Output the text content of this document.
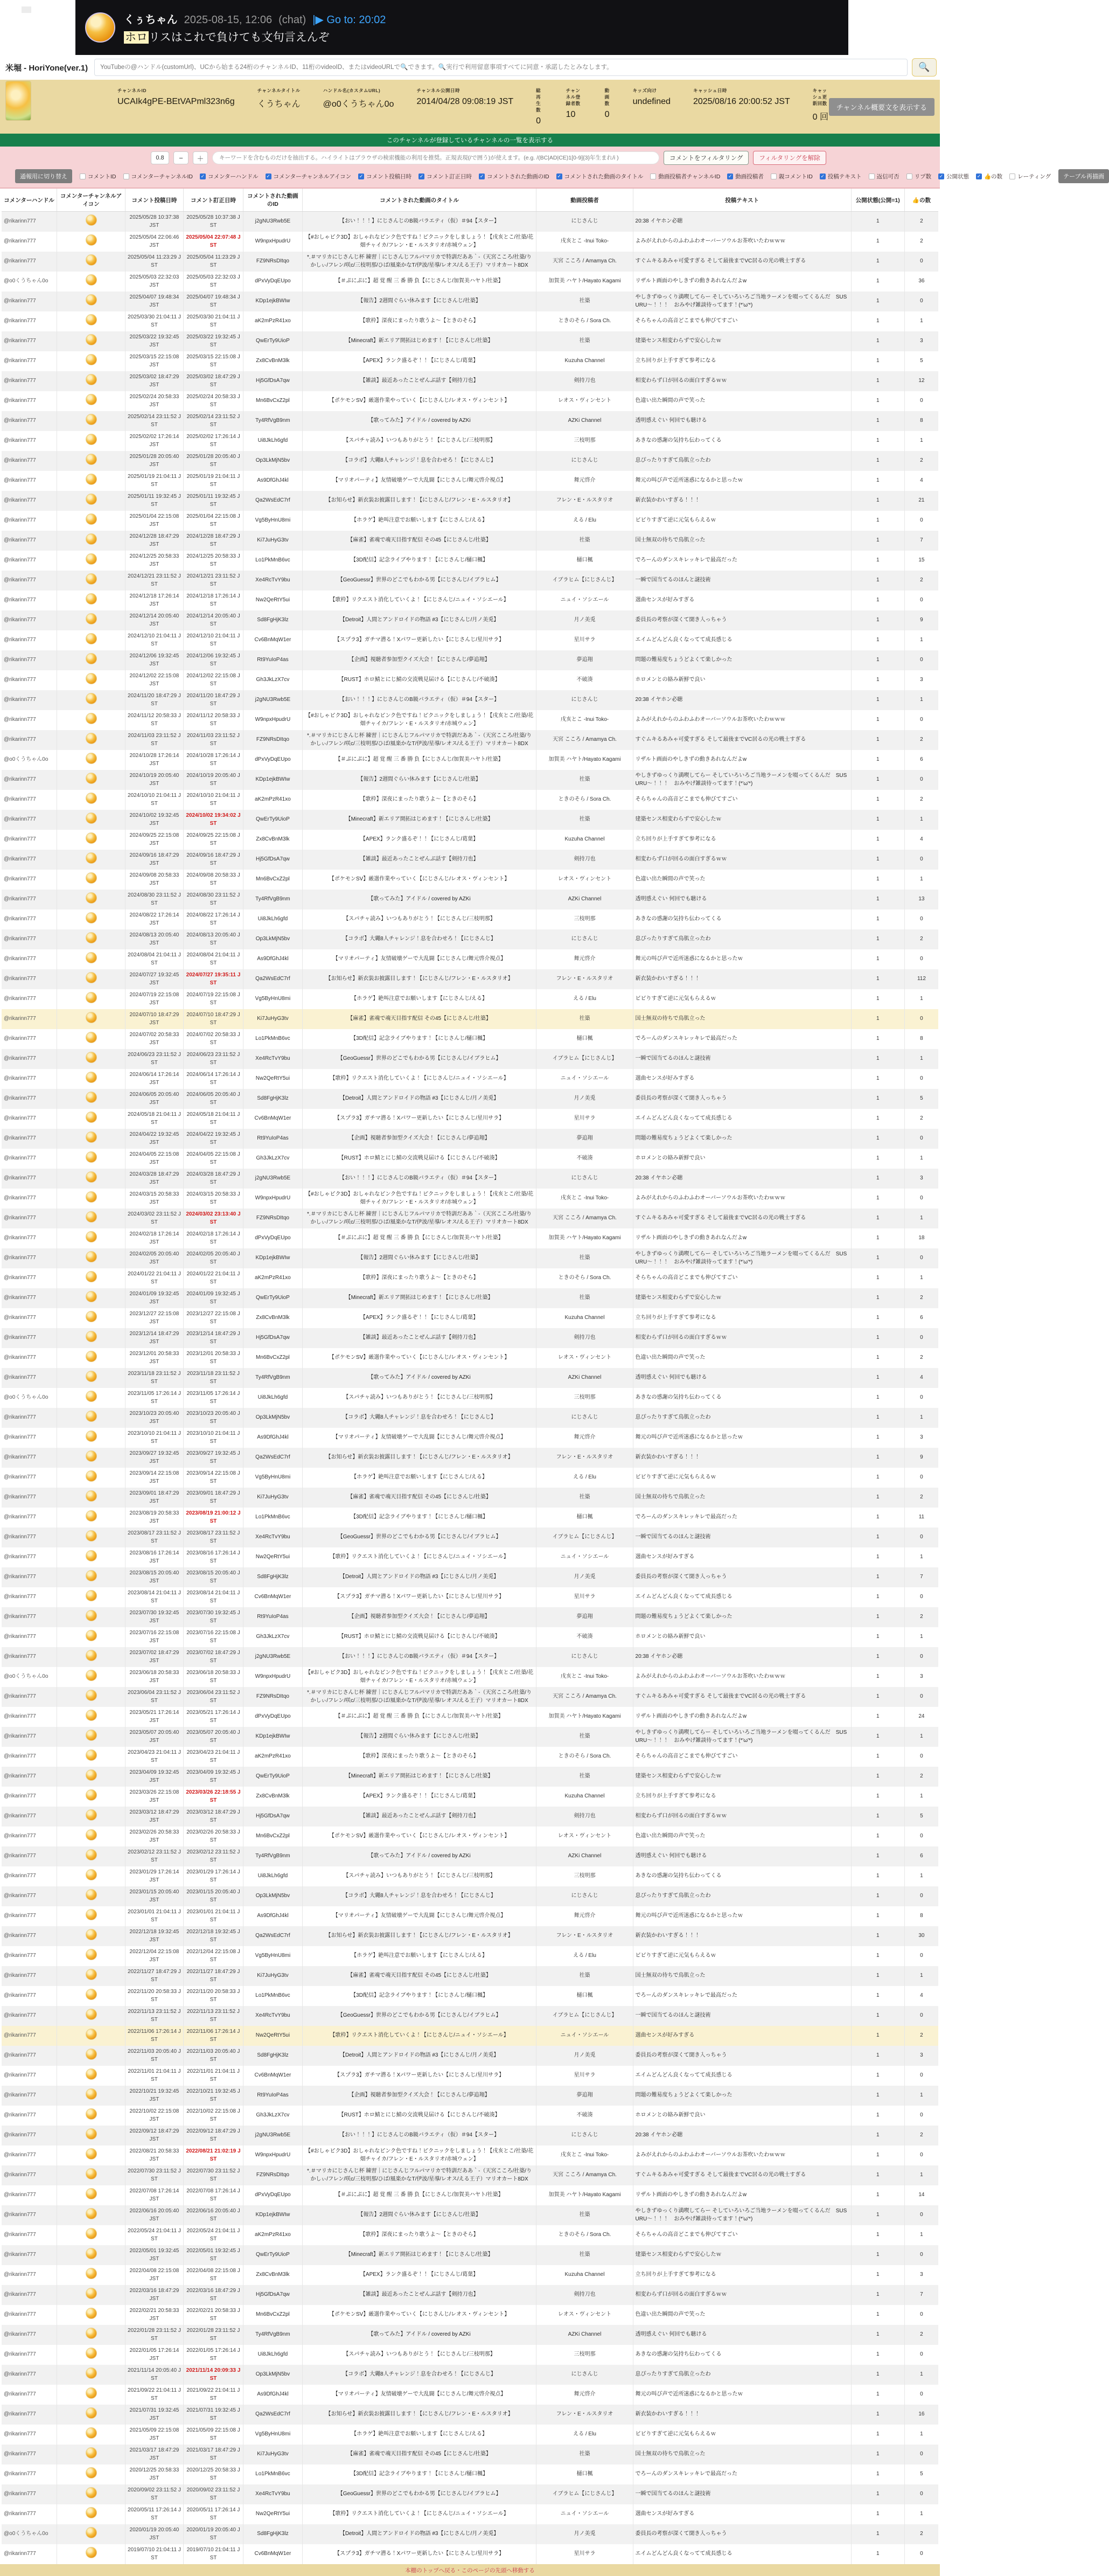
くぅちゃん 2025-08-15, 12:06 (chat) |▶ Go to: 20:02
ホロリスはこれで負けても文句言えんぞ
米堀 - HoriYone(ver.1)
YouTubeの@ハンドル(customUrl)、UCから始まる24桁のチャンネルID、11桁のvideoID、またはvideoURLで🔍できます。🔍実行で利用留意事項すべてに同意・承諾したとみなします。	🔍
チャンネルID
UCAIk4gPE-BEtVAPml323n6g
チャンネルタイトル
くうちゃん
ハンドル名(カスタムURL)
@o0くうちゃん0o
チャンネル公開日時
2014/04/28 09:08:19 JST
総再生数
0
チャンネル登録者数
10
動画数
0
キッズ向け
undefined
キャッシュ日時
2025/08/16 20:00:52 JST
キャッシュ更新回数
0 回
チャンネル概要文を表示する
このチャンネルが登録しているチャンネルの一覧を表示する
0.8
−	＋
キーワードを含むものだけを抽出する。ハイライトはブラウザの検索機能の利用を推奨。正規表現(/で囲う)が使えます。(e.g. /(BC|AD|CE)1[0-9]{3}年生まれ/i )	コメントをフィルタリング	フィルタリングを解除
通報用に切り替え	コメントID	コメンターチャンネルID ✓ コメンターハンドル ✓ コメンターチャンネルアイコン ✓ コメント投稿日時 ✓ コメント訂正日時 ✓ コメントされた動画のID ✓ コメントされた動画のタイトル	動画投稿者チャンネルID ✓ 動画投稿者	親コメントID ✓ 投稿テキスト	返信可否	リプ数 ✓ 公開状態 ✓ 👍の数	レーティング	テーブル再描画
コメンターハンドル	コメンターチャンネルアイコン	コメント投稿日時	コメント訂正日時	コメントされた動画のID	コメントされた動画のタイトル	動画投稿者	投稿テキスト	公開状態(公開=1)	👍の数
@rikarinn777		2025/05/28 10:37:38 JST	2025/05/28 10:37:38 JST	j2gNU3Rwb5E	【おい！！！】にじさんじのB級バラエティ（仮）＃94【スター】	にじさんじ	20:38 イヤホン必聴	1	2
@rikarinn777		2025/05/04 22:06:46 JST	2025/05/04 22:07:48 JST	W9npxHpudrU	【#おしゃピク3D】おしゃれなピンク色ですね！ピクニックをしましょう！【戌亥とこ/社築/花畑チャイカ/フレン・E・ルスタリオ/赤城ウェン】	戌亥とこ -Inui Toko-	よみがえれからのふわふわオーバーソウルお茶吹いたわｗｗｗ	1	2
@rikarinn777		2025/05/04 11:23:29 JST	2025/05/04 11:23:29 JST	FZ9NRsDItqo	*.＃マリカにじさんじ杯 練習｜にじさんじフルパマリカで特訓だああ｀-（天宮こころ/社築/りかしぃ/フレン/咲c/三枝明那/ひば/風楽かなT/伊波/星導/レオス/える王子）マリオカート8DX	天宮 こころ / Amamya Ch.	すぐムキるあみゃ可愛すぎる そして最後までVC居るの光の戦士すぎる	1	0
@o0くうちゃん0o		2025/05/03 22:32:03 JST	2025/05/03 22:32:03 JST	dPxVyDqEUpo	【＃ぷにぷに】超 覚 醒 三 番 勝 負【にじさんじ/加賀美ハヤト/社築】	加賀美 ハヤト/Hayato Kagami	リザルト画面のやしきずの動きあれなんだよw	1	36
@rikarinn777		2025/04/07 19:48:34 JST	2025/04/07 19:48:34 JST	KDp1ejkBWIw	【報告】2週間ぐらい休みます【にじさんじ/社築】	社築	やしきずゆっくり満喫してらー そしていろいろご当地ラーメンを啜ってくるんだ　SUSURU～！！！　おみやげ雑談待ってます！(*'ω'*)	1	0
@rikarinn777		2025/03/30 21:04:11 JST	2025/03/30 21:04:11 JST	aK2mPzR41xo	【歌枠】深夜にまったり歌うよ～【ときのそら】	ときのそら / Sora Ch.	そらちゃんの高音どこまでも伸びてすごい	1	1
@rikarinn777		2025/03/22 19:32:45 JST	2025/03/22 19:32:45 JST	QwErTy9UioP	【Minecraft】新エリア開拓はじめます！【にじさんじ/社築】	社築	建築センス相変わらずで安心したｗ	1	3
@rikarinn777		2025/03/15 22:15:08 JST	2025/03/15 22:15:08 JST	Zx8CvBnM3lk	【APEX】ランク盛るぞ！！【にじさんじ/葛葉】	Kuzuha Channel	立ち回りが上手すぎて参考になる	1	5
@rikarinn777		2025/03/02 18:47:29 JST	2025/03/02 18:47:29 JST	Hj5GfDsA7qw	【雑談】最近あったことぜんぶ話す【剣持刀也】	剣持刀也	相変わらず口が回るの面白すぎるｗｗ	1	12
@rikarinn777		2025/02/24 20:58:33 JST	2025/02/24 20:58:33 JST	Mn6BvCxZ2pl	【ポケモンSV】厳選作業やっていく【にじさんじ/レオス・ヴィンセント】	レオス・ヴィンセント	色違い出た瞬間の声で笑った	1	0
@rikarinn777		2025/02/14 23:11:52 JST	2025/02/14 23:11:52 JST	Ty4RfVgB9nm	【歌ってみた】アイドル / covered by AZKi	AZKi Channel	透明感えぐい 何回でも聴ける	1	8
@rikarinn777		2025/02/02 17:26:14 JST	2025/02/02 17:26:14 JST	Ui8JkLh6gfd	【スパチャ読み】いつもありがとう！【にじさんじ/三枝明那】	三枝明那	あきなの感謝の気持ち伝わってくる	1	1
@rikarinn777		2025/01/28 20:05:40 JST	2025/01/28 20:05:40 JST	Op3LkMjN5bv	【コラボ】大繩8人チャレンジ！息を合わせろ！【にじさんじ】	にじさんじ	息ぴったりすぎて鳥肌立ったわ	1	2
@rikarinn777		2025/01/19 21:04:11 JST	2025/01/19 21:04:11 JST	As9DfGhJ4kl	【マリオパーティ】友情破壊ゲーで大乱闘【にじさんじ/舞元啓介視点】	舞元啓介	舞元の叫び声で近所迷惑になるかと思ったｗ	1	4
@rikarinn777		2025/01/11 19:32:45 JST	2025/01/11 19:32:45 JST	Qa2WsEdC7rf	【お知らせ】新衣装お披露目します！【にじさんじ/フレン・E・ルスタリオ】	フレン・E・ルスタリオ	新衣装かわいすぎる！！！	1	21
@rikarinn777		2025/01/04 22:15:08 JST	2025/01/04 22:15:08 JST	Vg5ByHnU8mi	【ホラゲ】絶叫注意でお願いします【にじさんじ/える】	える / Elu	ビビりすぎて逆に元気もらえるｗ	1	0
@rikarinn777		2024/12/28 18:47:29 JST	2024/12/28 18:47:29 JST	Ki7JuHyG3tv	【麻雀】雀魂で魂天目指す配信 その45【にじさんじ/社築】	社築	国士無双の待ちで鳥肌立った	1	7
@rikarinn777		2024/12/25 20:58:33 JST	2024/12/25 20:58:33 JST	Lo1PkMnB6vc	【3D配信】記念ライブやります！【にじさんじ/樋口楓】	樋口楓	でろーんのダンスキレッキレで最高だった	1	15
@rikarinn777		2024/12/21 23:11:52 JST	2024/12/21 23:11:52 JST	Xe4RcTvY9bu	【GeoGuessr】世界のどこでもわかる男【にじさんじ/イブラヒム】	イブラヒム【にじさんじ】	一瞬で国当てるのほんと謎技術	1	2
@rikarinn777		2024/12/18 17:26:14 JST	2024/12/18 17:26:14 JST	Nw2QeRtY5ui	【歌枠】リクエスト消化していくよ！【にじさんじ/ニュイ・ソシエール】	ニュイ・ソシエール	選曲センスが好みすぎる	1	0
@rikarinn777		2024/12/14 20:05:40 JST	2024/12/14 20:05:40 JST	Sd8FgHjK3lz	【Detroit】人間とアンドロイドの物語 #3【にじさんじ/月ノ美兎】	月ノ美兎	委員長の考察が深くて聞き入っちゃう	1	9
@rikarinn777		2024/12/10 21:04:11 JST	2024/12/10 21:04:11 JST	Cv6BnMqW1er	【スプラ3】ガチマ潜る！Xパワー更新したい【にじさんじ/星川サラ】	星川サラ	エイムどんどん良くなってて成長感じる	1	1
@rikarinn777		2024/12/06 19:32:45 JST	2024/12/06 19:32:45 JST	Rt9YuIoP4as	【企画】視聴者参加型クイズ大会！【にじさんじ/夢追翔】	夢追翔	問題の難易度ちょうどよくて楽しかった	1	0
@rikarinn777		2024/12/02 22:15:08 JST	2024/12/02 22:15:08 JST	Gh3JkLzX7cv	【RUST】ホロ鯖とにじ鯖の交流戦見届ける【にじさんじ/不破湊】	不破湊	ホロメンとの絡み新鮮で良い	1	3
@rikarinn777		2024/11/20 18:47:29 JST	2024/11/20 18:47:29 JST	j2gNU3Rwb5E	【おい！！！】にじさんじのB級バラエティ（仮）＃94【スター】	にじさんじ	20:38 イヤホン必聴	1	1
@rikarinn777		2024/11/12 20:58:33 JST	2024/11/12 20:58:33 JST	W9npxHpudrU	【#おしゃピク3D】おしゃれなピンク色ですね！ピクニックをしましょう！【戌亥とこ/社築/花畑チャイカ/フレン・E・ルスタリオ/赤城ウェン】	戌亥とこ -Inui Toko-	よみがえれからのふわふわオーバーソウルお茶吹いたわｗｗｗ	1	0
@rikarinn777		2024/11/03 23:11:52 JST	2024/11/03 23:11:52 JST	FZ9NRsDItqo	*.＃マリカにじさんじ杯 練習｜にじさんじフルパマリカで特訓だああ｀-（天宮こころ/社築/りかしぃ/フレン/咲c/三枝明那/ひば/風楽かなT/伊波/星導/レオス/える王子）マリオカート8DX	天宮 こころ / Amamya Ch.	すぐムキるあみゃ可愛すぎる そして最後までVC居るの光の戦士すぎる	1	2
@o0くうちゃん0o		2024/10/28 17:26:14 JST	2024/10/28 17:26:14 JST	dPxVyDqEUpo	【＃ぷにぷに】超 覚 醒 三 番 勝 負【にじさんじ/加賀美ハヤト/社築】	加賀美 ハヤト/Hayato Kagami	リザルト画面のやしきずの動きあれなんだよw	1	6
@rikarinn777		2024/10/19 20:05:40 JST	2024/10/19 20:05:40 JST	KDp1ejkBWIw	【報告】2週間ぐらい休みます【にじさんじ/社築】	社築	やしきずゆっくり満喫してらー そしていろいろご当地ラーメンを啜ってくるんだ　SUSURU～！！！　おみやげ雑談待ってます！(*'ω'*)	1	0
@rikarinn777		2024/10/10 21:04:11 JST	2024/10/10 21:04:11 JST	aK2mPzR41xo	【歌枠】深夜にまったり歌うよ～【ときのそら】	ときのそら / Sora Ch.	そらちゃんの高音どこまでも伸びてすごい	1	2
@rikarinn777		2024/10/02 19:32:45 JST	2024/10/02 19:34:02 JST	QwErTy9UioP	【Minecraft】新エリア開拓はじめます！【にじさんじ/社築】	社築	建築センス相変わらずで安心したｗ	1	1
@rikarinn777		2024/09/25 22:15:08 JST	2024/09/25 22:15:08 JST	Zx8CvBnM3lk	【APEX】ランク盛るぞ！！【にじさんじ/葛葉】	Kuzuha Channel	立ち回りが上手すぎて参考になる	1	4
@rikarinn777		2024/09/16 18:47:29 JST	2024/09/16 18:47:29 JST	Hj5GfDsA7qw	【雑談】最近あったことぜんぶ話す【剣持刀也】	剣持刀也	相変わらず口が回るの面白すぎるｗｗ	1	0
@rikarinn777		2024/09/08 20:58:33 JST	2024/09/08 20:58:33 JST	Mn6BvCxZ2pl	【ポケモンSV】厳選作業やっていく【にじさんじ/レオス・ヴィンセント】	レオス・ヴィンセント	色違い出た瞬間の声で笑った	1	1
@rikarinn777		2024/08/30 23:11:52 JST	2024/08/30 23:11:52 JST	Ty4RfVgB9nm	【歌ってみた】アイドル / covered by AZKi	AZKi Channel	透明感えぐい 何回でも聴ける	1	13
@rikarinn777		2024/08/22 17:26:14 JST	2024/08/22 17:26:14 JST	Ui8JkLh6gfd	【スパチャ読み】いつもありがとう！【にじさんじ/三枝明那】	三枝明那	あきなの感謝の気持ち伝わってくる	1	0
@rikarinn777		2024/08/13 20:05:40 JST	2024/08/13 20:05:40 JST	Op3LkMjN5bv	【コラボ】大繩8人チャレンジ！息を合わせろ！【にじさんじ】	にじさんじ	息ぴったりすぎて鳥肌立ったわ	1	2
@rikarinn777		2024/08/04 21:04:11 JST	2024/08/04 21:04:11 JST	As9DfGhJ4kl	【マリオパーティ】友情破壊ゲーで大乱闘【にじさんじ/舞元啓介視点】	舞元啓介	舞元の叫び声で近所迷惑になるかと思ったｗ	1	0
@rikarinn777		2024/07/27 19:32:45 JST	2024/07/27 19:35:11 JST	Qa2WsEdC7rf	【お知らせ】新衣装お披露目します！【にじさんじ/フレン・E・ルスタリオ】	フレン・E・ルスタリオ	新衣装かわいすぎる！！！	1	112
@rikarinn777		2024/07/19 22:15:08 JST	2024/07/19 22:15:08 JST	Vg5ByHnU8mi	【ホラゲ】絶叫注意でお願いします【にじさんじ/える】	える / Elu	ビビりすぎて逆に元気もらえるｗ	1	1
@rikarinn777		2024/07/10 18:47:29 JST	2024/07/10 18:47:29 JST	Ki7JuHyG3tv	【麻雀】雀魂で魂天目指す配信 その45【にじさんじ/社築】	社築	国士無双の待ちで鳥肌立った	1	0
@rikarinn777		2024/07/02 20:58:33 JST	2024/07/02 20:58:33 JST	Lo1PkMnB6vc	【3D配信】記念ライブやります！【にじさんじ/樋口楓】	樋口楓	でろーんのダンスキレッキレで最高だった	1	8
@rikarinn777		2024/06/23 23:11:52 JST	2024/06/23 23:11:52 JST	Xe4RcTvY9bu	【GeoGuessr】世界のどこでもわかる男【にじさんじ/イブラヒム】	イブラヒム【にじさんじ】	一瞬で国当てるのほんと謎技術	1	1
@rikarinn777		2024/06/14 17:26:14 JST	2024/06/14 17:26:14 JST	Nw2QeRtY5ui	【歌枠】リクエスト消化していくよ！【にじさんじ/ニュイ・ソシエール】	ニュイ・ソシエール	選曲センスが好みすぎる	1	0
@rikarinn777		2024/06/05 20:05:40 JST	2024/06/05 20:05:40 JST	Sd8FgHjK3lz	【Detroit】人間とアンドロイドの物語 #3【にじさんじ/月ノ美兎】	月ノ美兎	委員長の考察が深くて聞き入っちゃう	1	5
@rikarinn777		2024/05/18 21:04:11 JST	2024/05/18 21:04:11 JST	Cv6BnMqW1er	【スプラ3】ガチマ潜る！Xパワー更新したい【にじさんじ/星川サラ】	星川サラ	エイムどんどん良くなってて成長感じる	1	2
@rikarinn777		2024/04/22 19:32:45 JST	2024/04/22 19:32:45 JST	Rt9YuIoP4as	【企画】視聴者参加型クイズ大会！【にじさんじ/夢追翔】	夢追翔	問題の難易度ちょうどよくて楽しかった	1	0
@rikarinn777		2024/04/05 22:15:08 JST	2024/04/05 22:15:08 JST	Gh3JkLzX7cv	【RUST】ホロ鯖とにじ鯖の交流戦見届ける【にじさんじ/不破湊】	不破湊	ホロメンとの絡み新鮮で良い	1	1
@rikarinn777		2024/03/28 18:47:29 JST	2024/03/28 18:47:29 JST	j2gNU3Rwb5E	【おい！！！】にじさんじのB級バラエティ（仮）＃94【スター】	にじさんじ	20:38 イヤホン必聴	1	3
@rikarinn777		2024/03/15 20:58:33 JST	2024/03/15 20:58:33 JST	W9npxHpudrU	【#おしゃピク3D】おしゃれなピンク色ですね！ピクニックをしましょう！【戌亥とこ/社築/花畑チャイカ/フレン・E・ルスタリオ/赤城ウェン】	戌亥とこ -Inui Toko-	よみがえれからのふわふわオーバーソウルお茶吹いたわｗｗｗ	1	0
@rikarinn777		2024/03/02 23:11:52 JST	2024/03/02 23:13:40 JST	FZ9NRsDItqo	*.＃マリカにじさんじ杯 練習｜にじさんじフルパマリカで特訓だああ｀-（天宮こころ/社築/りかしぃ/フレン/咲c/三枝明那/ひば/風楽かなT/伊波/星導/レオス/える王子）マリオカート8DX	天宮 こころ / Amamya Ch.	すぐムキるあみゃ可愛すぎる そして最後までVC居るの光の戦士すぎる	1	1
@rikarinn777		2024/02/18 17:26:14 JST	2024/02/18 17:26:14 JST	dPxVyDqEUpo	【＃ぷにぷに】超 覚 醒 三 番 勝 負【にじさんじ/加賀美ハヤト/社築】	加賀美 ハヤト/Hayato Kagami	リザルト画面のやしきずの動きあれなんだよw	1	18
@rikarinn777		2024/02/05 20:05:40 JST	2024/02/05 20:05:40 JST	KDp1ejkBWIw	【報告】2週間ぐらい休みます【にじさんじ/社築】	社築	やしきずゆっくり満喫してらー そしていろいろご当地ラーメンを啜ってくるんだ　SUSURU～！！！　おみやげ雑談待ってます！(*'ω'*)	1	0
@rikarinn777		2024/01/22 21:04:11 JST	2024/01/22 21:04:11 JST	aK2mPzR41xo	【歌枠】深夜にまったり歌うよ～【ときのそら】	ときのそら / Sora Ch.	そらちゃんの高音どこまでも伸びてすごい	1	1
@rikarinn777		2024/01/09 19:32:45 JST	2024/01/09 19:32:45 JST	QwErTy9UioP	【Minecraft】新エリア開拓はじめます！【にじさんじ/社築】	社築	建築センス相変わらずで安心したｗ	1	2
@rikarinn777		2023/12/27 22:15:08 JST	2023/12/27 22:15:08 JST	Zx8CvBnM3lk	【APEX】ランク盛るぞ！！【にじさんじ/葛葉】	Kuzuha Channel	立ち回りが上手すぎて参考になる	1	6
@rikarinn777		2023/12/14 18:47:29 JST	2023/12/14 18:47:29 JST	Hj5GfDsA7qw	【雑談】最近あったことぜんぶ話す【剣持刀也】	剣持刀也	相変わらず口が回るの面白すぎるｗｗ	1	0
@rikarinn777		2023/12/01 20:58:33 JST	2023/12/01 20:58:33 JST	Mn6BvCxZ2pl	【ポケモンSV】厳選作業やっていく【にじさんじ/レオス・ヴィンセント】	レオス・ヴィンセント	色違い出た瞬間の声で笑った	1	2
@rikarinn777		2023/11/18 23:11:52 JST	2023/11/18 23:11:52 JST	Ty4RfVgB9nm	【歌ってみた】アイドル / covered by AZKi	AZKi Channel	透明感えぐい 何回でも聴ける	1	4
@o0くうちゃん0o		2023/11/05 17:26:14 JST	2023/11/05 17:26:14 JST	Ui8JkLh6gfd	【スパチャ読み】いつもありがとう！【にじさんじ/三枝明那】	三枝明那	あきなの感謝の気持ち伝わってくる	1	0
@rikarinn777		2023/10/23 20:05:40 JST	2023/10/23 20:05:40 JST	Op3LkMjN5bv	【コラボ】大繩8人チャレンジ！息を合わせろ！【にじさんじ】	にじさんじ	息ぴったりすぎて鳥肌立ったわ	1	1
@rikarinn777		2023/10/10 21:04:11 JST	2023/10/10 21:04:11 JST	As9DfGhJ4kl	【マリオパーティ】友情破壊ゲーで大乱闘【にじさんじ/舞元啓介視点】	舞元啓介	舞元の叫び声で近所迷惑になるかと思ったｗ	1	3
@rikarinn777		2023/09/27 19:32:45 JST	2023/09/27 19:32:45 JST	Qa2WsEdC7rf	【お知らせ】新衣装お披露目します！【にじさんじ/フレン・E・ルスタリオ】	フレン・E・ルスタリオ	新衣装かわいすぎる！！！	1	9
@rikarinn777		2023/09/14 22:15:08 JST	2023/09/14 22:15:08 JST	Vg5ByHnU8mi	【ホラゲ】絶叫注意でお願いします【にじさんじ/える】	える / Elu	ビビりすぎて逆に元気もらえるｗ	1	0
@rikarinn777		2023/09/01 18:47:29 JST	2023/09/01 18:47:29 JST	Ki7JuHyG3tv	【麻雀】雀魂で魂天目指す配信 その45【にじさんじ/社築】	社築	国士無双の待ちで鳥肌立った	1	2
@rikarinn777		2023/08/19 20:58:33 JST	2023/08/19 21:00:12 JST	Lo1PkMnB6vc	【3D配信】記念ライブやります！【にじさんじ/樋口楓】	樋口楓	でろーんのダンスキレッキレで最高だった	1	11
@rikarinn777		2023/08/17 23:11:52 JST	2023/08/17 23:11:52 JST	Xe4RcTvY9bu	【GeoGuessr】世界のどこでもわかる男【にじさんじ/イブラヒム】	イブラヒム【にじさんじ】	一瞬で国当てるのほんと謎技術	1	0
@rikarinn777		2023/08/16 17:26:14 JST	2023/08/16 17:26:14 JST	Nw2QeRtY5ui	【歌枠】リクエスト消化していくよ！【にじさんじ/ニュイ・ソシエール】	ニュイ・ソシエール	選曲センスが好みすぎる	1	1
@rikarinn777		2023/08/15 20:05:40 JST	2023/08/15 20:05:40 JST	Sd8FgHjK3lz	【Detroit】人間とアンドロイドの物語 #3【にじさんじ/月ノ美兎】	月ノ美兎	委員長の考察が深くて聞き入っちゃう	1	7
@rikarinn777		2023/08/14 21:04:11 JST	2023/08/14 21:04:11 JST	Cv6BnMqW1er	【スプラ3】ガチマ潜る！Xパワー更新したい【にじさんじ/星川サラ】	星川サラ	エイムどんどん良くなってて成長感じる	1	0
@rikarinn777		2023/07/30 19:32:45 JST	2023/07/30 19:32:45 JST	Rt9YuIoP4as	【企画】視聴者参加型クイズ大会！【にじさんじ/夢追翔】	夢追翔	問題の難易度ちょうどよくて楽しかった	1	2
@rikarinn777		2023/07/16 22:15:08 JST	2023/07/16 22:15:08 JST	Gh3JkLzX7cv	【RUST】ホロ鯖とにじ鯖の交流戦見届ける【にじさんじ/不破湊】	不破湊	ホロメンとの絡み新鮮で良い	1	1
@rikarinn777		2023/07/02 18:47:29 JST	2023/07/02 18:47:29 JST	j2gNU3Rwb5E	【おい！！！】にじさんじのB級バラエティ（仮）＃94【スター】	にじさんじ	20:38 イヤホン必聴	1	0
@o0くうちゃん0o		2023/06/18 20:58:33 JST	2023/06/18 20:58:33 JST	W9npxHpudrU	【#おしゃピク3D】おしゃれなピンク色ですね！ピクニックをしましょう！【戌亥とこ/社築/花畑チャイカ/フレン・E・ルスタリオ/赤城ウェン】	戌亥とこ -Inui Toko-	よみがえれからのふわふわオーバーソウルお茶吹いたわｗｗｗ	1	3
@rikarinn777		2023/06/04 23:11:52 JST	2023/06/04 23:11:52 JST	FZ9NRsDItqo	*.＃マリカにじさんじ杯 練習｜にじさんじフルパマリカで特訓だああ｀-（天宮こころ/社築/りかしぃ/フレン/咲c/三枝明那/ひば/風楽かなT/伊波/星導/レオス/える王子）マリオカート8DX	天宮 こころ / Amamya Ch.	すぐムキるあみゃ可愛すぎる そして最後までVC居るの光の戦士すぎる	1	0
@rikarinn777		2023/05/21 17:26:14 JST	2023/05/21 17:26:14 JST	dPxVyDqEUpo	【＃ぷにぷに】超 覚 醒 三 番 勝 負【にじさんじ/加賀美ハヤト/社築】	加賀美 ハヤト/Hayato Kagami	リザルト画面のやしきずの動きあれなんだよw	1	24
@rikarinn777		2023/05/07 20:05:40 JST	2023/05/07 20:05:40 JST	KDp1ejkBWIw	【報告】2週間ぐらい休みます【にじさんじ/社築】	社築	やしきずゆっくり満喫してらー そしていろいろご当地ラーメンを啜ってくるんだ　SUSURU～！！！　おみやげ雑談待ってます！(*'ω'*)	1	1
@rikarinn777		2023/04/23 21:04:11 JST	2023/04/23 21:04:11 JST	aK2mPzR41xo	【歌枠】深夜にまったり歌うよ～【ときのそら】	ときのそら / Sora Ch.	そらちゃんの高音どこまでも伸びてすごい	1	0
@rikarinn777		2023/04/09 19:32:45 JST	2023/04/09 19:32:45 JST	QwErTy9UioP	【Minecraft】新エリア開拓はじめます！【にじさんじ/社築】	社築	建築センス相変わらずで安心したｗ	1	2
@rikarinn777		2023/03/26 22:15:08 JST	2023/03/26 22:18:55 JST	Zx8CvBnM3lk	【APEX】ランク盛るぞ！！【にじさんじ/葛葉】	Kuzuha Channel	立ち回りが上手すぎて参考になる	1	1
@rikarinn777		2023/03/12 18:47:29 JST	2023/03/12 18:47:29 JST	Hj5GfDsA7qw	【雑談】最近あったことぜんぶ話す【剣持刀也】	剣持刀也	相変わらず口が回るの面白すぎるｗｗ	1	5
@rikarinn777		2023/02/26 20:58:33 JST	2023/02/26 20:58:33 JST	Mn6BvCxZ2pl	【ポケモンSV】厳選作業やっていく【にじさんじ/レオス・ヴィンセント】	レオス・ヴィンセント	色違い出た瞬間の声で笑った	1	0
@rikarinn777		2023/02/12 23:11:52 JST	2023/02/12 23:11:52 JST	Ty4RfVgB9nm	【歌ってみた】アイドル / covered by AZKi	AZKi Channel	透明感えぐい 何回でも聴ける	1	6
@rikarinn777		2023/01/29 17:26:14 JST	2023/01/29 17:26:14 JST	Ui8JkLh6gfd	【スパチャ読み】いつもありがとう！【にじさんじ/三枝明那】	三枝明那	あきなの感謝の気持ち伝わってくる	1	1
@rikarinn777		2023/01/15 20:05:40 JST	2023/01/15 20:05:40 JST	Op3LkMjN5bv	【コラボ】大繩8人チャレンジ！息を合わせろ！【にじさんじ】	にじさんじ	息ぴったりすぎて鳥肌立ったわ	1	0
@rikarinn777		2023/01/01 21:04:11 JST	2023/01/01 21:04:11 JST	As9DfGhJ4kl	【マリオパーティ】友情破壊ゲーで大乱闘【にじさんじ/舞元啓介視点】	舞元啓介	舞元の叫び声で近所迷惑になるかと思ったｗ	1	8
@rikarinn777		2022/12/18 19:32:45 JST	2022/12/18 19:32:45 JST	Qa2WsEdC7rf	【お知らせ】新衣装お披露目します！【にじさんじ/フレン・E・ルスタリオ】	フレン・E・ルスタリオ	新衣装かわいすぎる！！！	1	30
@rikarinn777		2022/12/04 22:15:08 JST	2022/12/04 22:15:08 JST	Vg5ByHnU8mi	【ホラゲ】絶叫注意でお願いします【にじさんじ/える】	える / Elu	ビビりすぎて逆に元気もらえるｗ	1	0
@rikarinn777		2022/11/27 18:47:29 JST	2022/11/27 18:47:29 JST	Ki7JuHyG3tv	【麻雀】雀魂で魂天目指す配信 その45【にじさんじ/社築】	社築	国士無双の待ちで鳥肌立った	1	1
@rikarinn777		2022/11/20 20:58:33 JST	2022/11/20 20:58:33 JST	Lo1PkMnB6vc	【3D配信】記念ライブやります！【にじさんじ/樋口楓】	樋口楓	でろーんのダンスキレッキレで最高だった	1	4
@rikarinn777		2022/11/13 23:11:52 JST	2022/11/13 23:11:52 JST	Xe4RcTvY9bu	【GeoGuessr】世界のどこでもわかる男【にじさんじ/イブラヒム】	イブラヒム【にじさんじ】	一瞬で国当てるのほんと謎技術	1	0
@rikarinn777		2022/11/06 17:26:14 JST	2022/11/06 17:26:14 JST	Nw2QeRtY5ui	【歌枠】リクエスト消化していくよ！【にじさんじ/ニュイ・ソシエール】	ニュイ・ソシエール	選曲センスが好みすぎる	1	2
@rikarinn777		2022/11/03 20:05:40 JST	2022/11/03 20:05:40 JST	Sd8FgHjK3lz	【Detroit】人間とアンドロイドの物語 #3【にじさんじ/月ノ美兎】	月ノ美兎	委員長の考察が深くて聞き入っちゃう	1	3
@rikarinn777		2022/11/01 21:04:11 JST	2022/11/01 21:04:11 JST	Cv6BnMqW1er	【スプラ3】ガチマ潜る！Xパワー更新したい【にじさんじ/星川サラ】	星川サラ	エイムどんどん良くなってて成長感じる	1	0
@rikarinn777		2022/10/21 19:32:45 JST	2022/10/21 19:32:45 JST	Rt9YuIoP4as	【企画】視聴者参加型クイズ大会！【にじさんじ/夢追翔】	夢追翔	問題の難易度ちょうどよくて楽しかった	1	1
@rikarinn777		2022/10/02 22:15:08 JST	2022/10/02 22:15:08 JST	Gh3JkLzX7cv	【RUST】ホロ鯖とにじ鯖の交流戦見届ける【にじさんじ/不破湊】	不破湊	ホロメンとの絡み新鮮で良い	1	0
@rikarinn777		2022/09/12 18:47:29 JST	2022/09/12 18:47:29 JST	j2gNU3Rwb5E	【おい！！！】にじさんじのB級バラエティ（仮）＃94【スター】	にじさんじ	20:38 イヤホン必聴	1	2
@rikarinn777		2022/08/21 20:58:33 JST	2022/08/21 21:02:19 JST	W9npxHpudrU	【#おしゃピク3D】おしゃれなピンク色ですね！ピクニックをしましょう！【戌亥とこ/社築/花畑チャイカ/フレン・E・ルスタリオ/赤城ウェン】	戌亥とこ -Inui Toko-	よみがえれからのふわふわオーバーソウルお茶吹いたわｗｗｗ	1	0
@rikarinn777		2022/07/30 23:11:52 JST	2022/07/30 23:11:52 JST	FZ9NRsDItqo	*.＃マリカにじさんじ杯 練習｜にじさんじフルパマリカで特訓だああ｀-（天宮こころ/社築/りかしぃ/フレン/咲c/三枝明那/ひば/風楽かなT/伊波/星導/レオス/える王子）マリオカート8DX	天宮 こころ / Amamya Ch.	すぐムキるあみゃ可愛すぎる そして最後までVC居るの光の戦士すぎる	1	1
@rikarinn777		2022/07/08 17:26:14 JST	2022/07/08 17:26:14 JST	dPxVyDqEUpo	【＃ぷにぷに】超 覚 醒 三 番 勝 負【にじさんじ/加賀美ハヤト/社築】	加賀美 ハヤト/Hayato Kagami	リザルト画面のやしきずの動きあれなんだよw	1	14
@rikarinn777		2022/06/16 20:05:40 JST	2022/06/16 20:05:40 JST	KDp1ejkBWIw	【報告】2週間ぐらい休みます【にじさんじ/社築】	社築	やしきずゆっくり満喫してらー そしていろいろご当地ラーメンを啜ってくるんだ　SUSURU～！！！　おみやげ雑談待ってます！(*'ω'*)	1	0
@rikarinn777		2022/05/24 21:04:11 JST	2022/05/24 21:04:11 JST	aK2mPzR41xo	【歌枠】深夜にまったり歌うよ～【ときのそら】	ときのそら / Sora Ch.	そらちゃんの高音どこまでも伸びてすごい	1	1
@rikarinn777		2022/05/01 19:32:45 JST	2022/05/01 19:32:45 JST	QwErTy9UioP	【Minecraft】新エリア開拓はじめます！【にじさんじ/社築】	社築	建築センス相変わらずで安心したｗ	1	0
@rikarinn777		2022/04/08 22:15:08 JST	2022/04/08 22:15:08 JST	Zx8CvBnM3lk	【APEX】ランク盛るぞ！！【にじさんじ/葛葉】	Kuzuha Channel	立ち回りが上手すぎて参考になる	1	3
@rikarinn777		2022/03/16 18:47:29 JST	2022/03/16 18:47:29 JST	Hj5GfDsA7qw	【雑談】最近あったことぜんぶ話す【剣持刀也】	剣持刀也	相変わらず口が回るの面白すぎるｗｗ	1	7
@rikarinn777		2022/02/21 20:58:33 JST	2022/02/21 20:58:33 JST	Mn6BvCxZ2pl	【ポケモンSV】厳選作業やっていく【にじさんじ/レオス・ヴィンセント】	レオス・ヴィンセント	色違い出た瞬間の声で笑った	1	0
@rikarinn777		2022/01/28 23:11:52 JST	2022/01/28 23:11:52 JST	Ty4RfVgB9nm	【歌ってみた】アイドル / covered by AZKi	AZKi Channel	透明感えぐい 何回でも聴ける	1	2
@rikarinn777		2022/01/05 17:26:14 JST	2022/01/05 17:26:14 JST	Ui8JkLh6gfd	【スパチャ読み】いつもありがとう！【にじさんじ/三枝明那】	三枝明那	あきなの感謝の気持ち伝わってくる	1	0
@rikarinn777		2021/11/14 20:05:40 JST	2021/11/14 20:09:33 JST	Op3LkMjN5bv	【コラボ】大繩8人チャレンジ！息を合わせろ！【にじさんじ】	にじさんじ	息ぴったりすぎて鳥肌立ったわ	1	1
@rikarinn777		2021/09/22 21:04:11 JST	2021/09/22 21:04:11 JST	As9DfGhJ4kl	【マリオパーティ】友情破壊ゲーで大乱闘【にじさんじ/舞元啓介視点】	舞元啓介	舞元の叫び声で近所迷惑になるかと思ったｗ	1	0
@rikarinn777		2021/07/31 19:32:45 JST	2021/07/31 19:32:45 JST	Qa2WsEdC7rf	【お知らせ】新衣装お披露目します！【にじさんじ/フレン・E・ルスタリオ】	フレン・E・ルスタリオ	新衣装かわいすぎる！！！	1	16
@rikarinn777		2021/05/09 22:15:08 JST	2021/05/09 22:15:08 JST	Vg5ByHnU8mi	【ホラゲ】絶叫注意でお願いします【にじさんじ/える】	える / Elu	ビビりすぎて逆に元気もらえるｗ	1	1
@rikarinn777		2021/03/17 18:47:29 JST	2021/03/17 18:47:29 JST	Ki7JuHyG3tv	【麻雀】雀魂で魂天目指す配信 その45【にじさんじ/社築】	社築	国士無双の待ちで鳥肌立った	1	0
@rikarinn777		2020/12/25 20:58:33 JST	2020/12/25 20:58:33 JST	Lo1PkMnB6vc	【3D配信】記念ライブやります！【にじさんじ/樋口楓】	樋口楓	でろーんのダンスキレッキレで最高だった	1	5
@rikarinn777		2020/09/02 23:11:52 JST	2020/09/02 23:11:52 JST	Xe4RcTvY9bu	【GeoGuessr】世界のどこでもわかる男【にじさんじ/イブラヒム】	イブラヒム【にじさんじ】	一瞬で国当てるのほんと謎技術	1	0
@rikarinn777		2020/05/11 17:26:14 JST	2020/05/11 17:26:14 JST	Nw2QeRtY5ui	【歌枠】リクエスト消化していくよ！【にじさんじ/ニュイ・ソシエール】	ニュイ・ソシエール	選曲センスが好みすぎる	1	1
@o0くうちゃん0o		2020/01/19 20:05:40 JST	2020/01/19 20:05:40 JST	Sd8FgHjK3lz	【Detroit】人間とアンドロイドの物語 #3【にじさんじ/月ノ美兎】	月ノ美兎	委員長の考察が深くて聞き入っちゃう	1	2
@rikarinn777		2019/07/10 21:04:11 JST	2019/07/10 21:04:11 JST	Cv6BnMqW1er	【スプラ3】ガチマ潜る！Xパワー更新したい【にじさんじ/星川サラ】	星川サラ	エイムどんどん良くなってて成長感じる	1	0
本棚のトップへ戻る・このページの先頭へ移動する
